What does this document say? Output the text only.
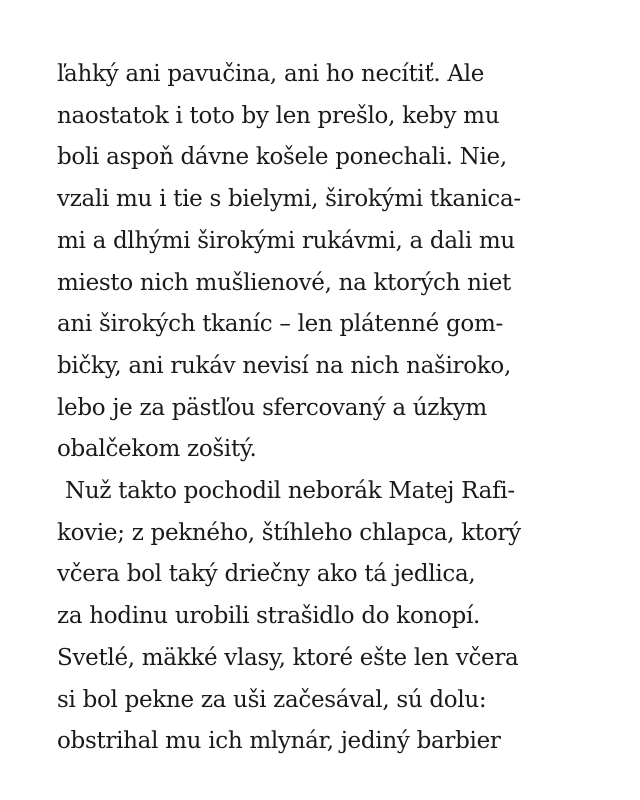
ľahký ani pavučina, ani ho necítiť. Ale
naostatok i toto by len prešlo, keby mu
boli aspoň dávne košele ponechali. Nie,
vzali mu i tie s bielymi, širokými tkanica-
mi a dlhými širokými rukávmi, a dali mu
miesto nich mušlienové, na ktorých niet
ani širokých tkaníc – len plátenné gom-
bičky, ani rukáv nevisí na nich naširoko,
lebo je za pästľou sfercovaný a úzkym
obalčekom zošitý.
Nuž takto pochodil neborák Matej Rafi-
kovie; z pekného, štíhleho chlapca, ktorý
včera bol taký driečny ako tá jedlica,
za hodinu urobili strašidlo do konopí.
Svetlé, mäkké vlasy, ktoré ešte len včera
si bol pekne za uši začesával, sú dolu:
obstrihal mu ich mlynár, jediný barbier
